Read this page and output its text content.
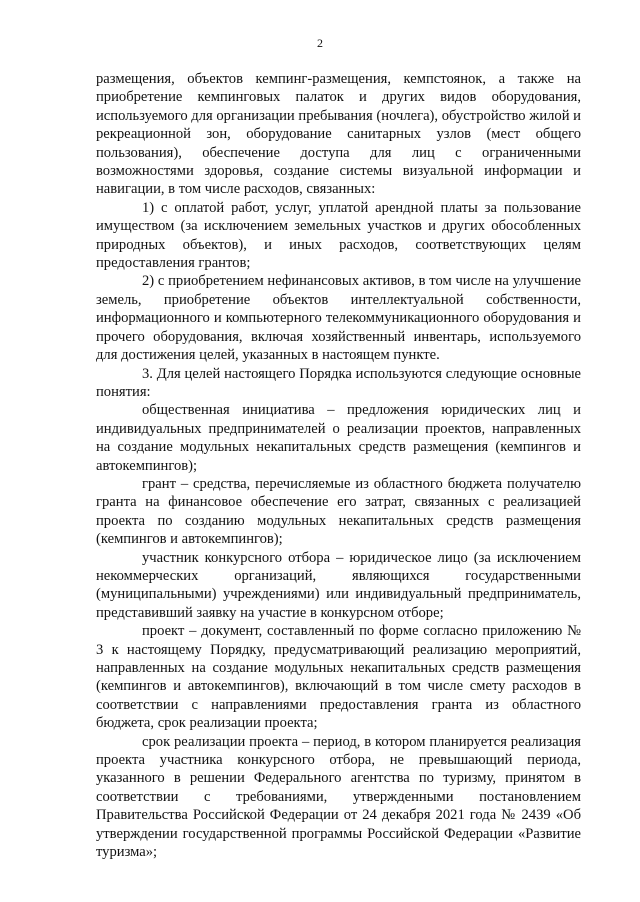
2

размещения, объектов кемпинг-размещения, кемпстоянок, а также на приобретение кемпинговых палаток и других видов оборудования, используемого для организации пребывания (ночлега), обустройство жилой и рекреационной зон, оборудование санитарных узлов (мест общего пользования), обеспечение доступа для лиц с ограниченными возможностями здоровья, создание системы визуальной информации и навигации, в том числе расходов, связанных:

1) с оплатой работ, услуг, уплатой арендной платы за пользование имуществом (за исключением земельных участков и других обособленных природных объектов), и иных расходов, соответствующих целям предоставления грантов;

2) с приобретением нефинансовых активов, в том числе на улучшение земель, приобретение объектов интеллектуальной собственности, информационного и компьютерного телекоммуникационного оборудования и прочего оборудования, включая хозяйственный инвентарь, используемого для достижения целей, указанных в настоящем пункте.

3. Для целей настоящего Порядка используются следующие основные понятия:

общественная инициатива – предложения юридических лиц и индивидуальных предпринимателей о реализации проектов, направленных на создание модульных некапитальных средств размещения (кемпингов и автокемпингов);

грант – средства, перечисляемые из областного бюджета получателю гранта на финансовое обеспечение его затрат, связанных с реализацией проекта по созданию модульных некапитальных средств размещения (кемпингов и автокемпингов);

участник конкурсного отбора – юридическое лицо (за исключением некоммерческих организаций, являющихся государственными (муниципальными) учреждениями) или индивидуальный предприниматель, представивший заявку на участие в конкурсном отборе;

проект – документ, составленный по форме согласно приложению № 3 к настоящему Порядку, предусматривающий реализацию мероприятий, направленных на создание модульных некапитальных средств размещения (кемпингов и автокемпингов), включающий в том числе смету расходов в соответствии с направлениями предоставления гранта из областного бюджета, срок реализации проекта;

срок реализации проекта – период, в котором планируется реализация проекта участника конкурсного отбора, не превышающий периода, указанного в решении Федерального агентства по туризму, принятом в соответствии с требованиями, утвержденными постановлением Правительства Российской Федерации от 24 декабря 2021 года № 2439 «Об утверждении государственной программы Российской Федерации «Развитие туризма»;
